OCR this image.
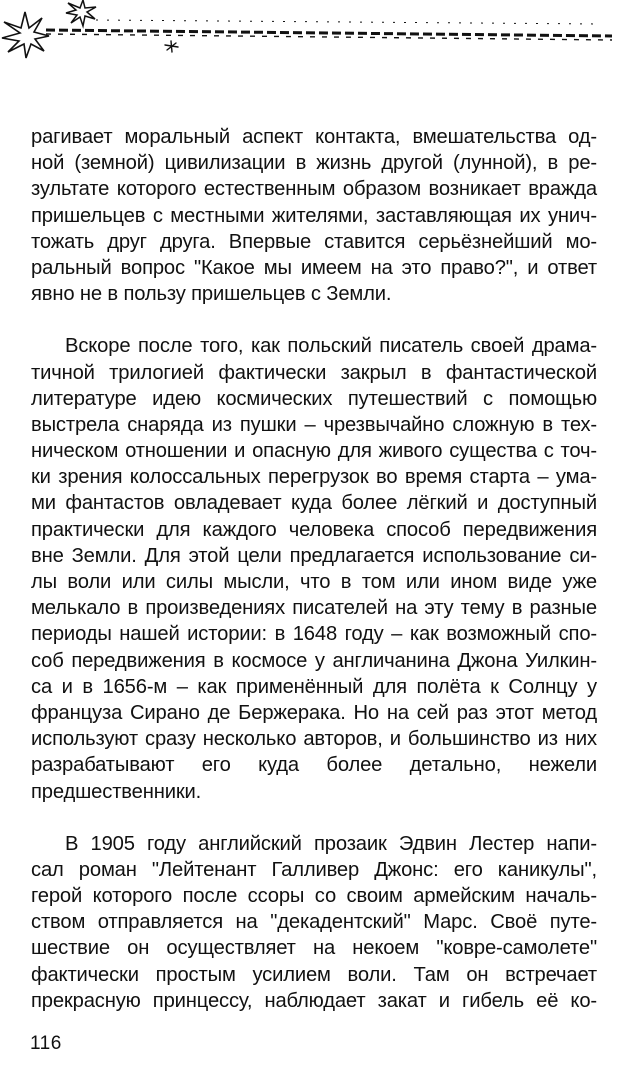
рагивает моральный аспект контакта, вмешательства од-
ной (земной) цивилизации в жизнь другой (лунной), в ре-
зультате которого естественным образом возникает вражда
пришельцев с местными жителями, заставляющая их унич-
тожать друг друга. Впервые ставится серьёзнейший мо-
ральный вопрос "Какое мы имеем на это право?", и ответ
явно не в пользу пришельцев с Земли.
Вскоре после того, как польский писатель своей драма-
тичной трилогией фактически закрыл в фантастической
литературе идею космических путешествий с помощью
выстрела снаряда из пушки – чрезвычайно сложную в тех-
ническом отношении и опасную для живого существа с точ-
ки зрения колоссальных перегрузок во время старта – ума-
ми фантастов овладевает куда более лёгкий и доступный
практически для каждого человека способ передвижения
вне Земли. Для этой цели предлагается использование си-
лы воли или силы мысли, что в том или ином виде уже
мелькало в произведениях писателей на эту тему в разные
периоды нашей истории: в 1648 году – как возможный спо-
соб передвижения в космосе у англичанина Джона Уилкин-
са и в 1656-м – как применённый для полёта к Солнцу у
француза Сирано де Бержерака. Но на сей раз этот метод
используют сразу несколько авторов, и большинство из них
разрабатывают его куда более детально, нежели
предшественники.
В 1905 году английский прозаик Эдвин Лестер напи-
сал роман "Лейтенант Галливер Джонс: его каникулы",
герой которого после ссоры со своим армейским началь-
ством отправляется на "декадентский" Марс. Своё путе-
шествие он осуществляет на некоем "ковре-самолете"
фактически простым усилием воли. Там он встречает
прекрасную принцессу, наблюдает закат и гибель её ко-
116
